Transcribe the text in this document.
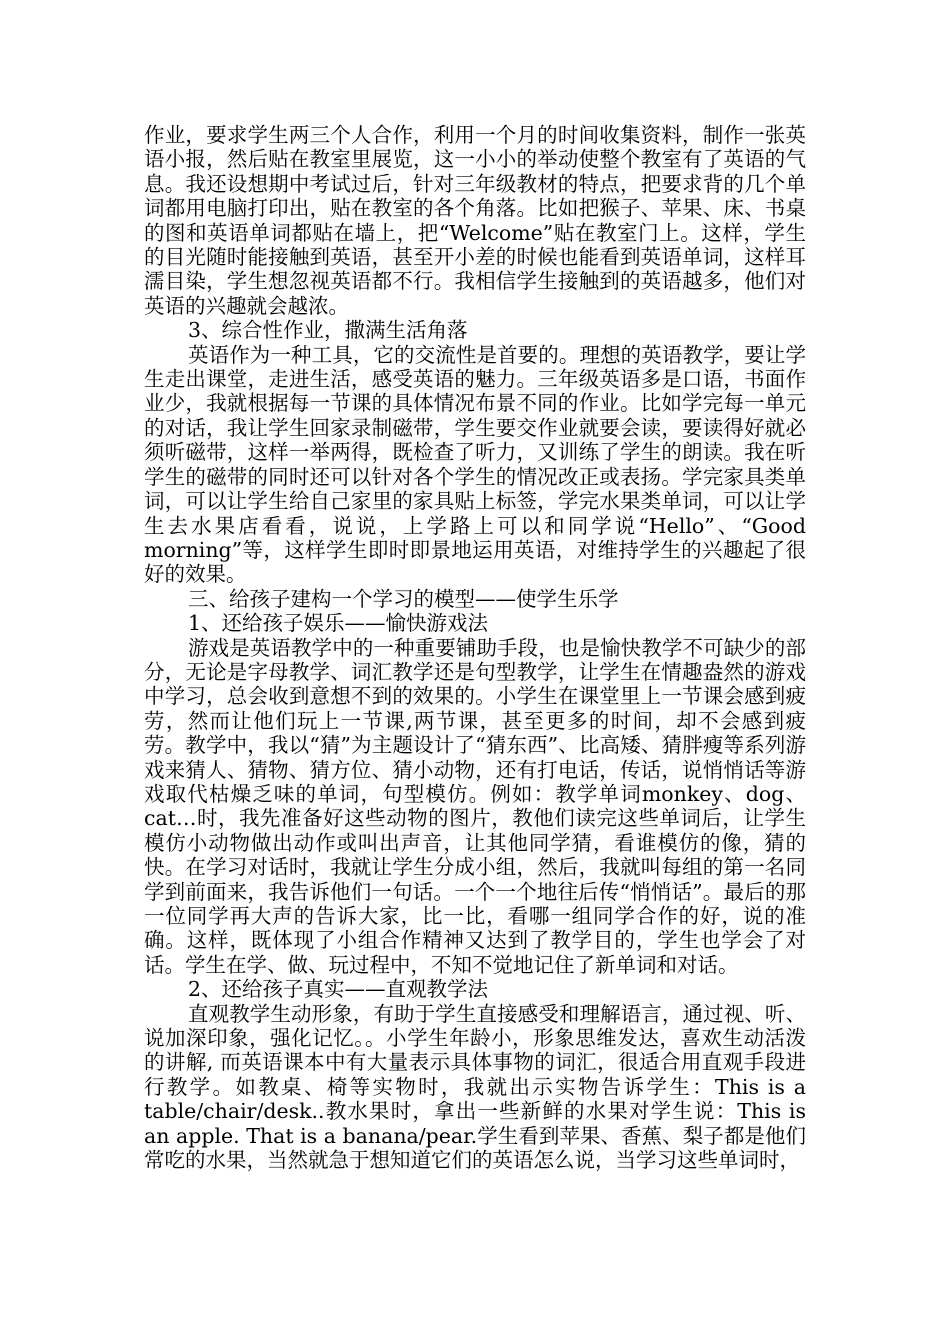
作业，要求学生两三个人合作，利用一个月的时间收集资料，制作一张英语小报，然后贴在教室里展览，这一小小的举动使整个教室有了英语的气息。我还设想期中考试过后，针对三年级教材的特点，把要求背的几个单词都用电脑打印出，贴在教室的各个角落。比如把猴子、苹果、床、书桌的图和英语单词都贴在墙上，把“Welcome”贴在教室门上。这样，学生的目光随时能接触到英语，甚至开小差的时候也能看到英语单词，这样耳濡目染，学生想忽视英语都不行。我相信学生接触到的英语越多，他们对英语的兴趣就会越浓。

3、综合性作业，撒满生活角落

英语作为一种工具，它的交流性是首要的。理想的英语教学，要让学生走出课堂，走进生活，感受英语的魅力。三年级英语多是口语，书面作业少，我就根据每一节课的具体情况布景不同的作业。比如学完每一单元的对话，我让学生回家录制磁带，学生要交作业就要会读，要读得好就必须听磁带，这样一举两得，既检查了听力，又训练了学生的朗读。我在听学生的磁带的同时还可以针对各个学生的情况改正或表扬。学完家具类单词，可以让学生给自己家里的家具贴上标签，学完水果类单词，可以让学生去水果店看看，说说，上学路上可以和同学说“Hello”、“Good morning”等，这样学生即时即景地运用英语，对维持学生的兴趣起了很好的效果。

三、给孩子建构一个学习的模型——使学生乐学

1、还给孩子娱乐——愉快游戏法

游戏是英语教学中的一种重要铺助手段，也是愉快教学不可缺少的部分，无论是字母教学、词汇教学还是句型教学，让学生在情趣盎然的游戏中学习，总会收到意想不到的效果的。小学生在课堂里上一节课会感到疲劳，然而让他们玩上一节课,两节课，甚至更多的时间，却不会感到疲劳。教学中，我以“猜”为主题设计了“猜东西”、比高矮、猜胖瘦等系列游戏来猜人、猜物、猜方位、猜小动物，还有打电话，传话，说悄悄话等游戏取代枯燥乏味的单词，句型模仿。例如：教学单词monkey、dog、cat…时，我先准备好这些动物的图片，教他们读完这些单词后，让学生模仿小动物做出动作或叫出声音，让其他同学猜，看谁模仿的像，猜的快。在学习对话时，我就让学生分成小组，然后，我就叫每组的第一名同学到前面来，我告诉他们一句话。一个一个地往后传“悄悄话”。最后的那一位同学再大声的告诉大家，比一比，看哪一组同学合作的好，说的准确。这样，既体现了小组合作精神又达到了教学目的，学生也学会了对话。学生在学、做、玩过程中，不知不觉地记住了新单词和对话。

2、还给孩子真实——直观教学法

直观教学生动形象，有助于学生直接感受和理解语言，通过视、听、说加深印象，强化记忆。。小学生年龄小，形象思维发达，喜欢生动活泼的讲解, 而英语课本中有大量表示具体事物的词汇，很适合用直观手段进行教学。如教桌、椅等实物时，我就出示实物告诉学生：This is a table/chair/desk..教水果时，拿出一些新鲜的水果对学生说：This is an apple. That is a banana/pear.学生看到苹果、香蕉、梨子都是他们常吃的水果，当然就急于想知道它们的英语怎么说，当学习这些单词时，
